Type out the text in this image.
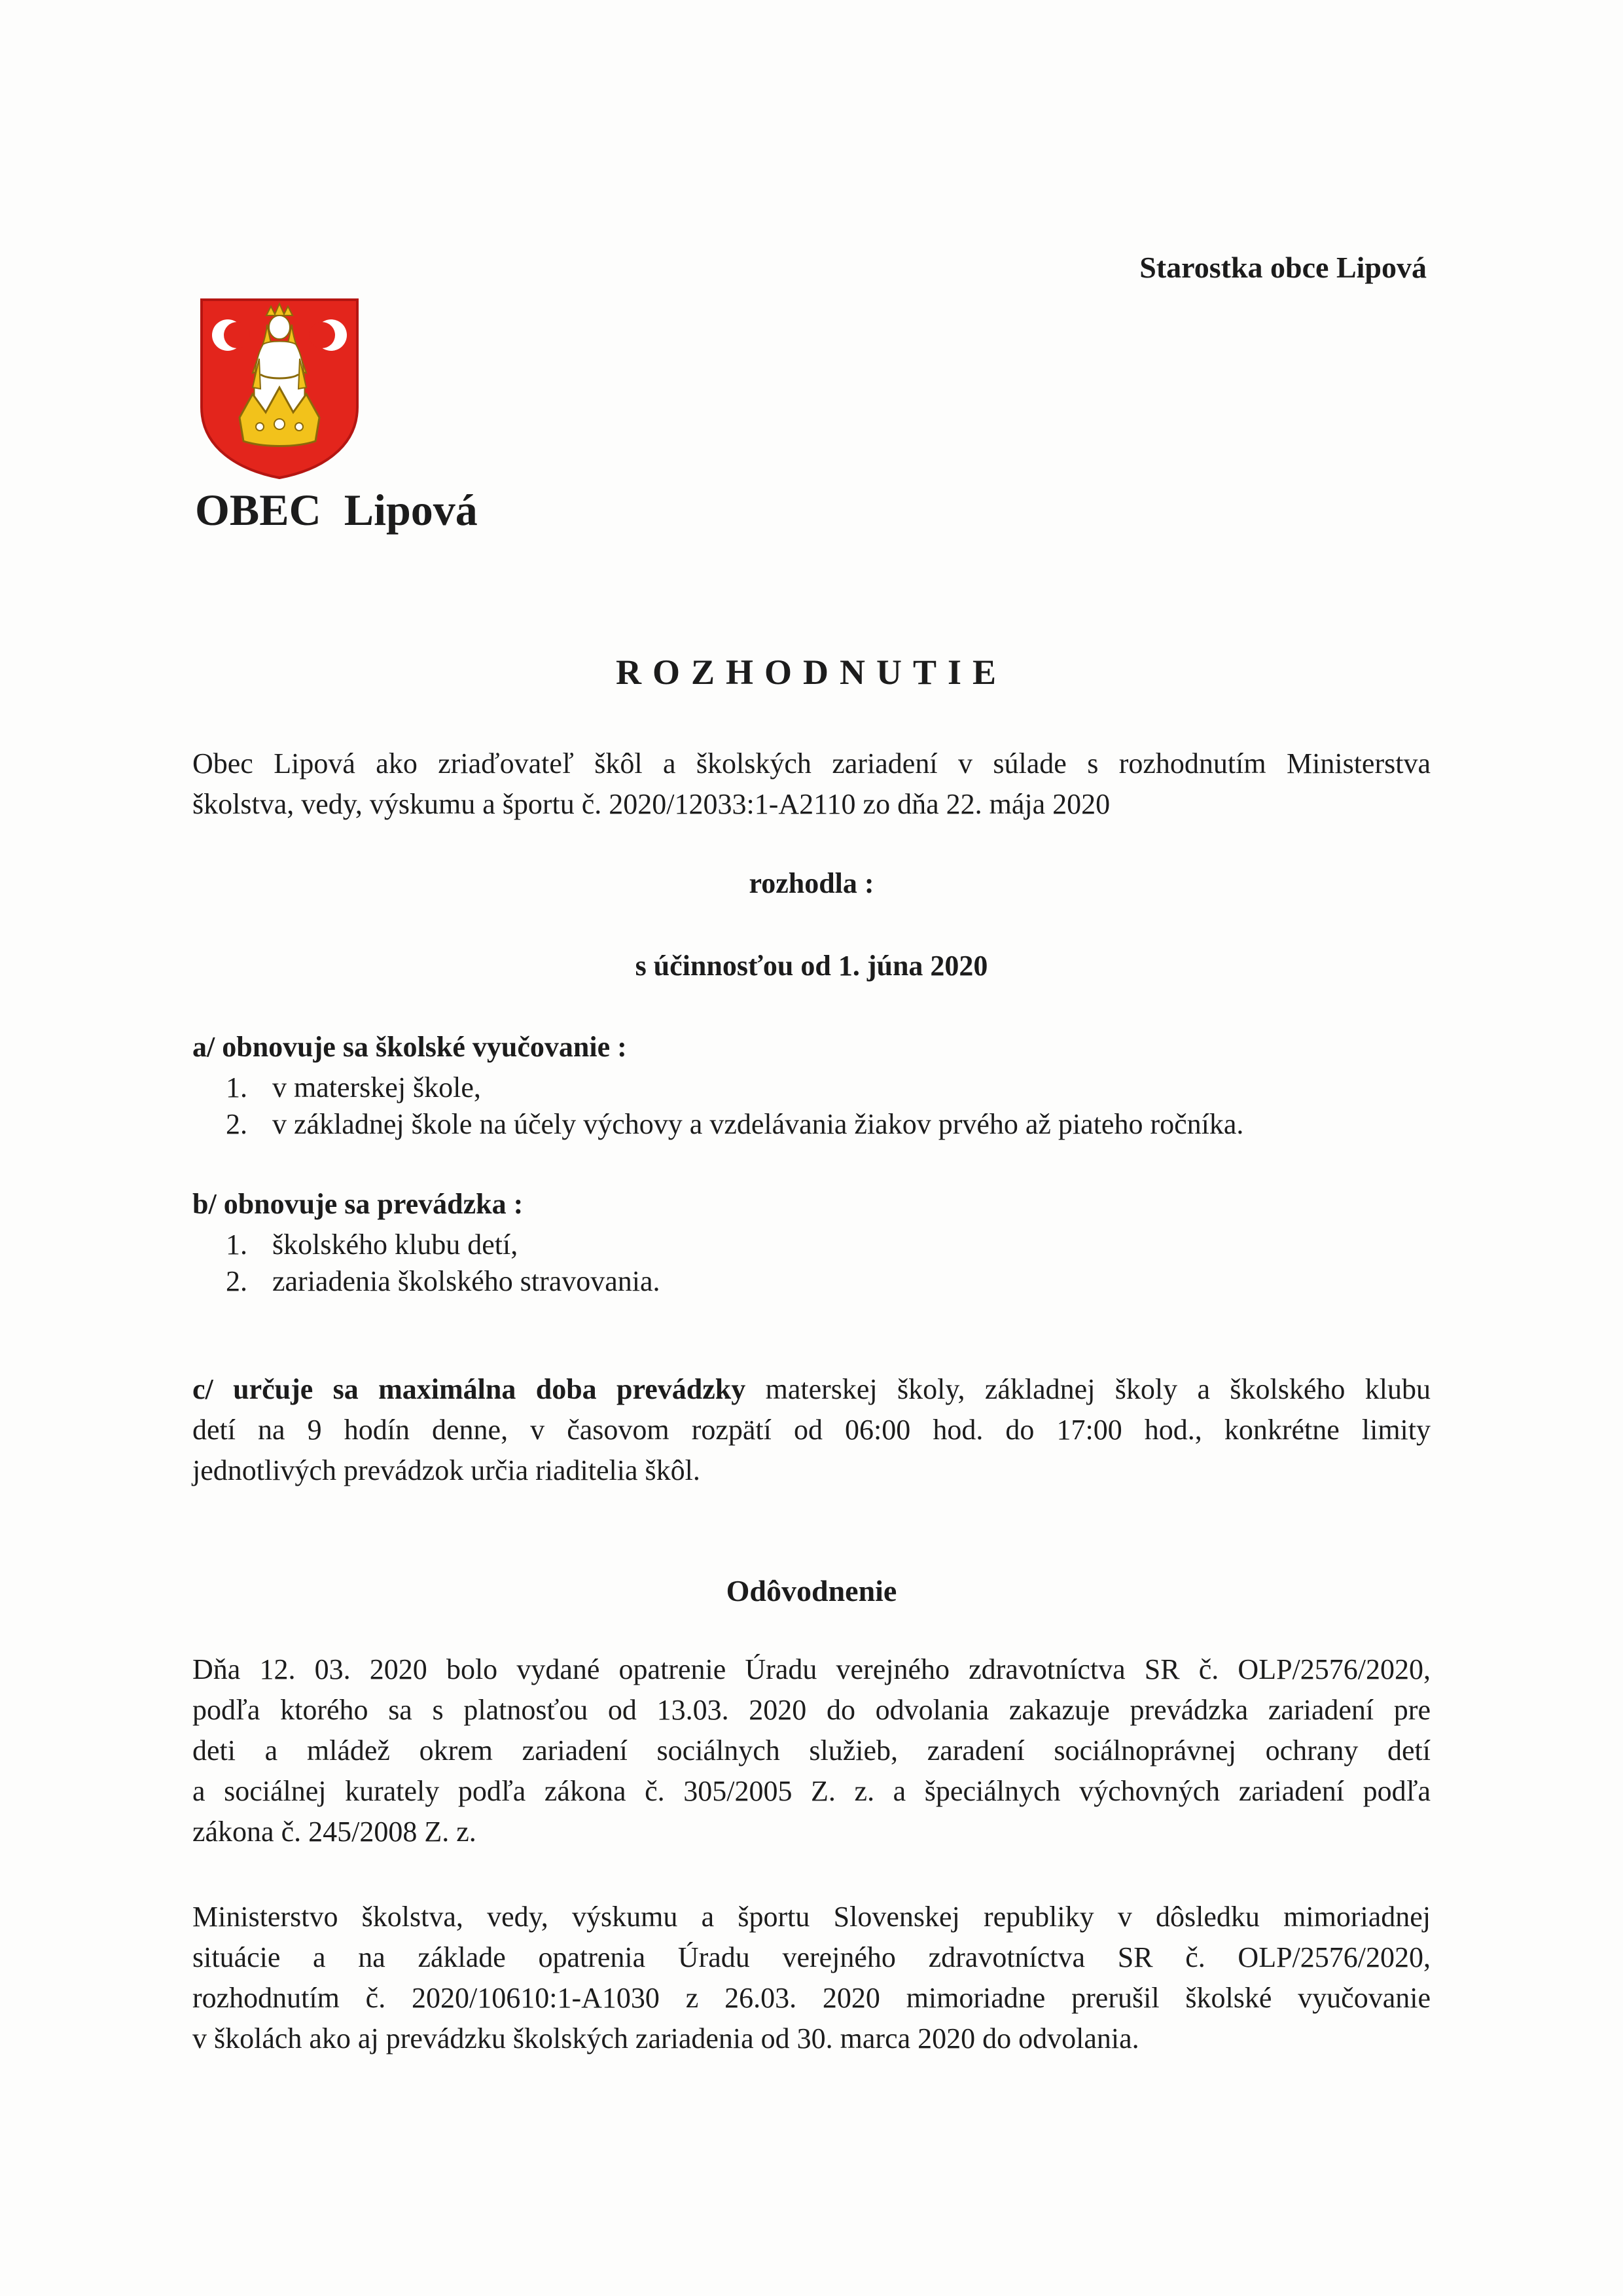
Starostka obce Lipová
OBEC Lipová
ROZHODNUTIE
Obec Lipová ako zriaďovateľ škôl a školských zariadení v súlade s rozhodnutím Ministerstva
školstva, vedy, výskumu a športu č. 2020/12033:1-A2110 zo dňa 22. mája 2020
rozhodla :
s účinnosťou od 1. júna 2020
a/ obnovuje sa školské vyučovanie :
1. v materskej škole,
2. v základnej škole na účely výchovy a vzdelávania žiakov prvého až piateho ročníka.
b/ obnovuje sa prevádzka :
1. školského klubu detí,
2. zariadenia školského stravovania.
c/ určuje sa maximálna doba prevádzky materskej školy, základnej školy a školského klubu
detí na 9 hodín denne, v časovom rozpätí od 06:00 hod. do 17:00 hod., konkrétne limity
jednotlivých prevádzok určia riaditelia škôl.
Odôvodnenie
Dňa 12. 03. 2020 bolo vydané opatrenie Úradu verejného zdravotníctva SR č. OLP/2576/2020,
podľa ktorého sa s platnosťou od 13.03. 2020 do odvolania zakazuje prevádzka zariadení pre
deti a mládež okrem zariadení sociálnych služieb, zaradení sociálnoprávnej ochrany detí
a sociálnej kurately podľa zákona č. 305/2005 Z. z. a špeciálnych výchovných zariadení podľa
zákona č. 245/2008 Z. z.
Ministerstvo školstva, vedy, výskumu a športu Slovenskej republiky v dôsledku mimoriadnej
situácie a na základe opatrenia Úradu verejného zdravotníctva SR č. OLP/2576/2020,
rozhodnutím č. 2020/10610:1-A1030 z 26.03. 2020 mimoriadne prerušil školské vyučovanie
v školách ako aj prevádzku školských zariadenia od 30. marca 2020 do odvolania.
